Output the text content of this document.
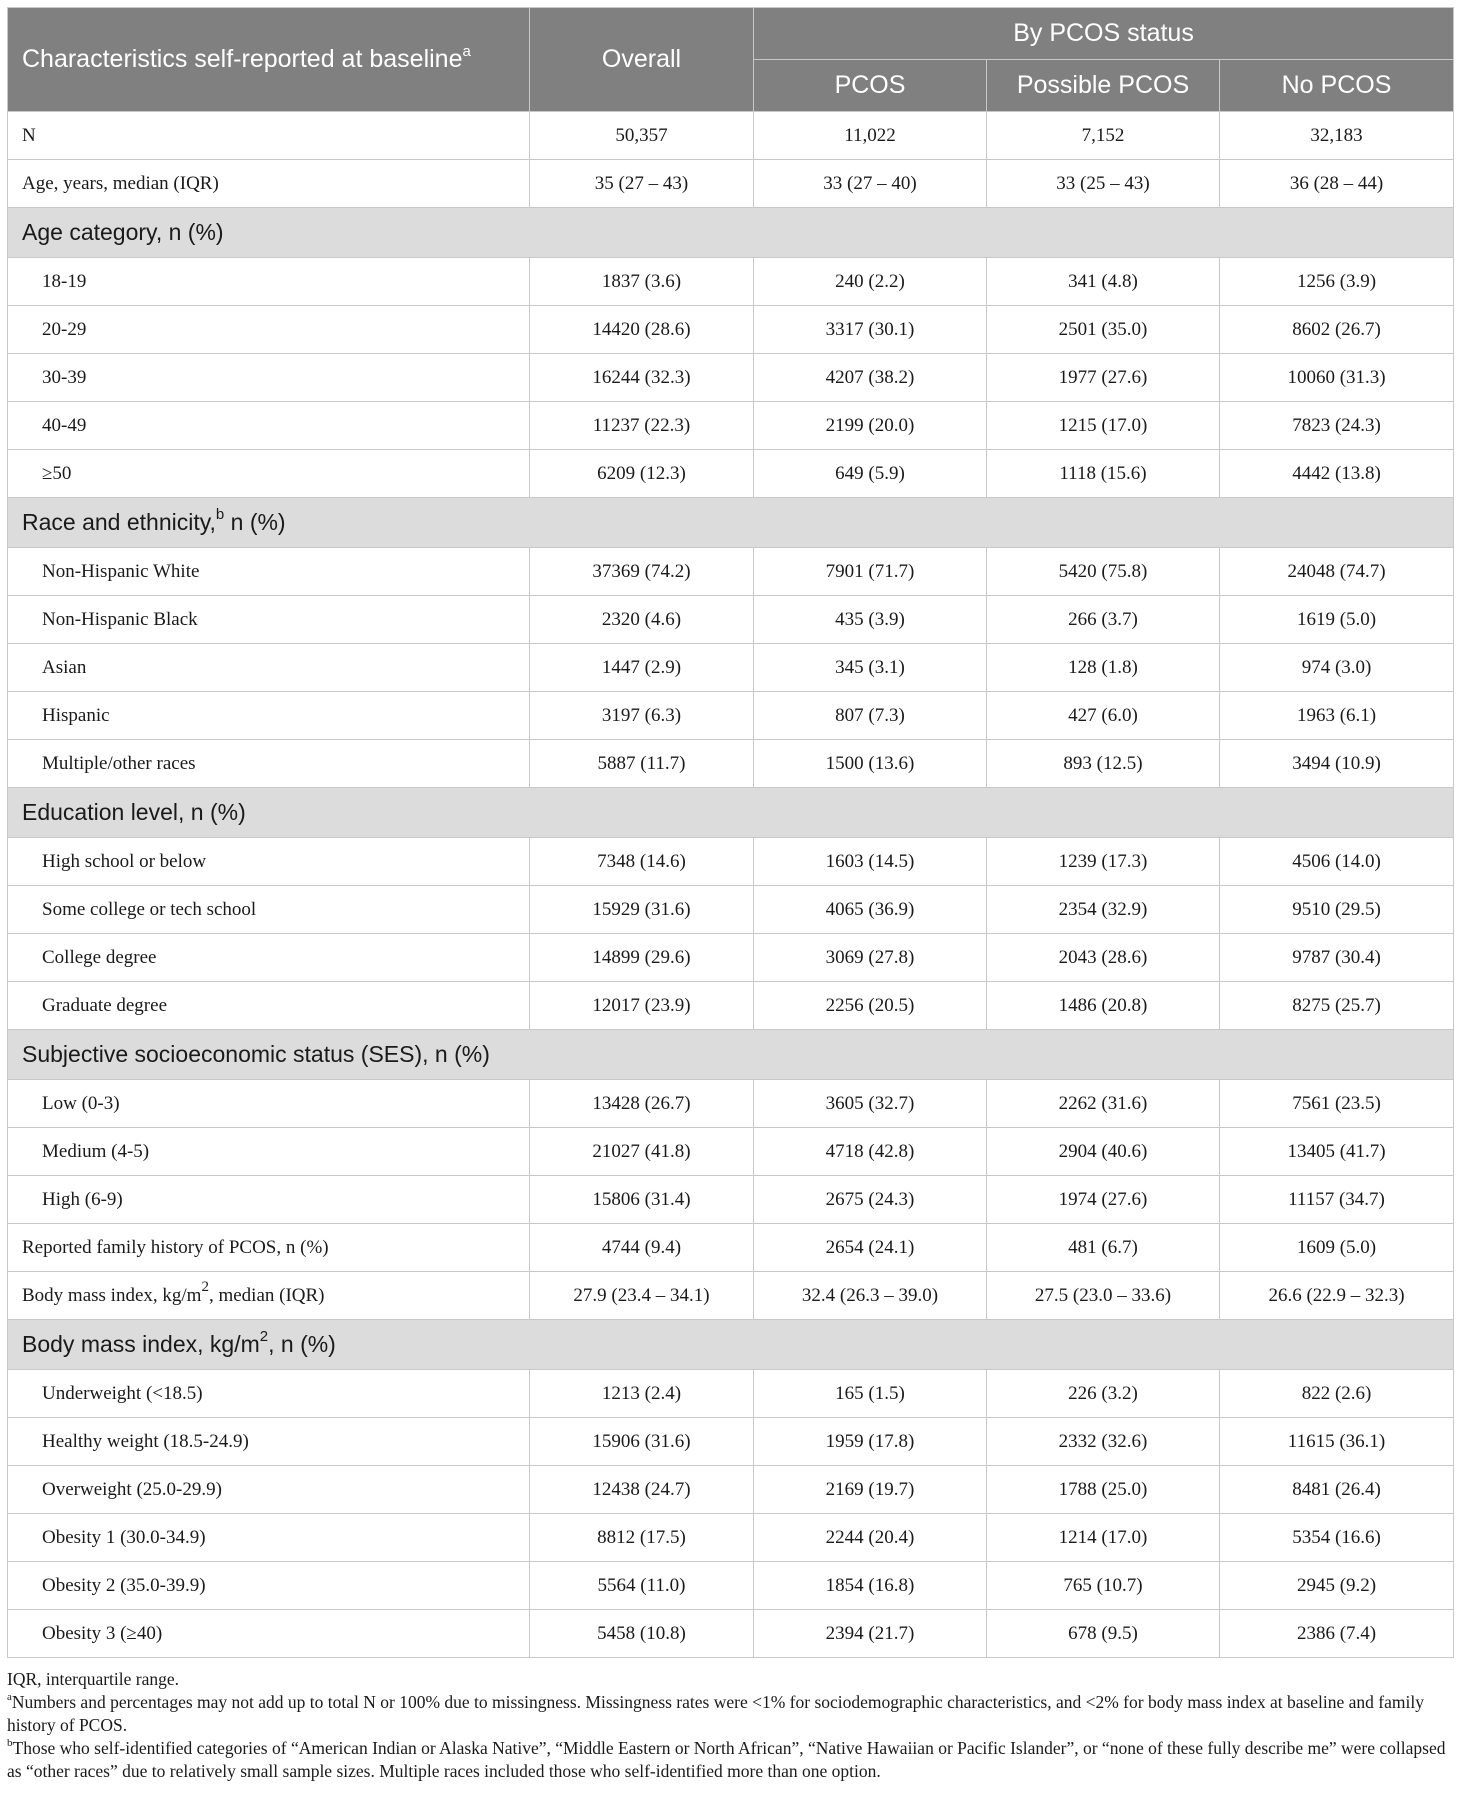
Characteristics self-reported at baseline$^a$	Overall	By PCOS status		
		PCOS	Possible PCOS	No PCOS
N	50,357	11,022	7,152	32,183
Age, years, median (IQR)	35 (27 – 43)	33 (27 – 40)	33 (25 – 43)	36 (28 – 44)
Age category, n (%)				
18-19	1837 (3.6)	240 (2.2)	341 (4.8)	1256 (3.9)
20-29	14420 (28.6)	3317 (30.1)	2501 (35.0)	8602 (26.7)
30-39	16244 (32.3)	4207 (38.2)	1977 (27.6)	10060 (31.3)
40-49	11237 (22.3)	2199 (20.0)	1215 (17.0)	7823 (24.3)
≥50	6209 (12.3)	649 (5.9)	1118 (15.6)	4442 (13.8)
Race and ethnicity,$^b$ n (%)				
Non-Hispanic White	37369 (74.2)	7901 (71.7)	5420 (75.8)	24048 (74.7)
Non-Hispanic Black	2320 (4.6)	435 (3.9)	266 (3.7)	1619 (5.0)
Asian	1447 (2.9)	345 (3.1)	128 (1.8)	974 (3.0)
Hispanic	3197 (6.3)	807 (7.3)	427 (6.0)	1963 (6.1)
Multiple/other races	5887 (11.7)	1500 (13.6)	893 (12.5)	3494 (10.9)
Education level, n (%)				
High school or below	7348 (14.6)	1603 (14.5)	1239 (17.3)	4506 (14.0)
Some college or tech school	15929 (31.6)	4065 (36.9)	2354 (32.9)	9510 (29.5)
College degree	14899 (29.6)	3069 (27.8)	2043 (28.6)	9787 (30.4)
Graduate degree	12017 (23.9)	2256 (20.5)	1486 (20.8)	8275 (25.7)
Subjective socioeconomic status (SES), n (%)				
Low (0-3)	13428 (26.7)	3605 (32.7)	2262 (31.6)	7561 (23.5)
Medium (4-5)	21027 (41.8)	4718 (42.8)	2904 (40.6)	13405 (41.7)
High (6-9)	15806 (31.4)	2675 (24.3)	1974 (27.6)	11157 (34.7)
Reported family history of PCOS, n (%)	4744 (9.4)	2654 (24.1)	481 (6.7)	1609 (5.0)
Body mass index, $kg/m^2$, median (IQR)	27.9 (23.4 – 34.1)	32.4 (26.3 – 39.0)	27.5 (23.0 – 33.6)	26.6 (22.9 – 32.3)
Body mass index, $kg/m^2$, n (%)				
Underweight (<18.5)	1213 (2.4)	165 (1.5)	226 (3.2)	822 (2.6)
Healthy weight (18.5-24.9)	15906 (31.6)	1959 (17.8)	2332 (32.6)	11615 (36.1)
Overweight (25.0-29.9)	12438 (24.7)	2169 (19.7)	1788 (25.0)	8481 (26.4)
Obesity 1 (30.0-34.9)	8812 (17.5)	2244 (20.4)	1214 (17.0)	5354 (16.6)
Obesity 2 (35.0-39.9)	5564 (11.0)	1854 (16.8)	765 (10.7)	2945 (9.2)
Obesity 3 (≥40)	5458 (10.8)	2394 (21.7)	678 (9.5)	2386 (7.4)

IQR, interquartile range.

$^a$Numbers and percentages may not add up to total N or 100% due to missingness. Missingness rates were <1% for sociodemographic characteristics, and <2% for body mass index at baseline and family history of PCOS.

$^b$Those who self-identified categories of “American Indian or Alaska Native”, “Middle Eastern or North African”, “Native Hawaiian or Pacific Islander”, or “none of these fully describe me” were collapsed as “other races” due to relatively small sample sizes. Multiple races included those who self-identified more than one option.
